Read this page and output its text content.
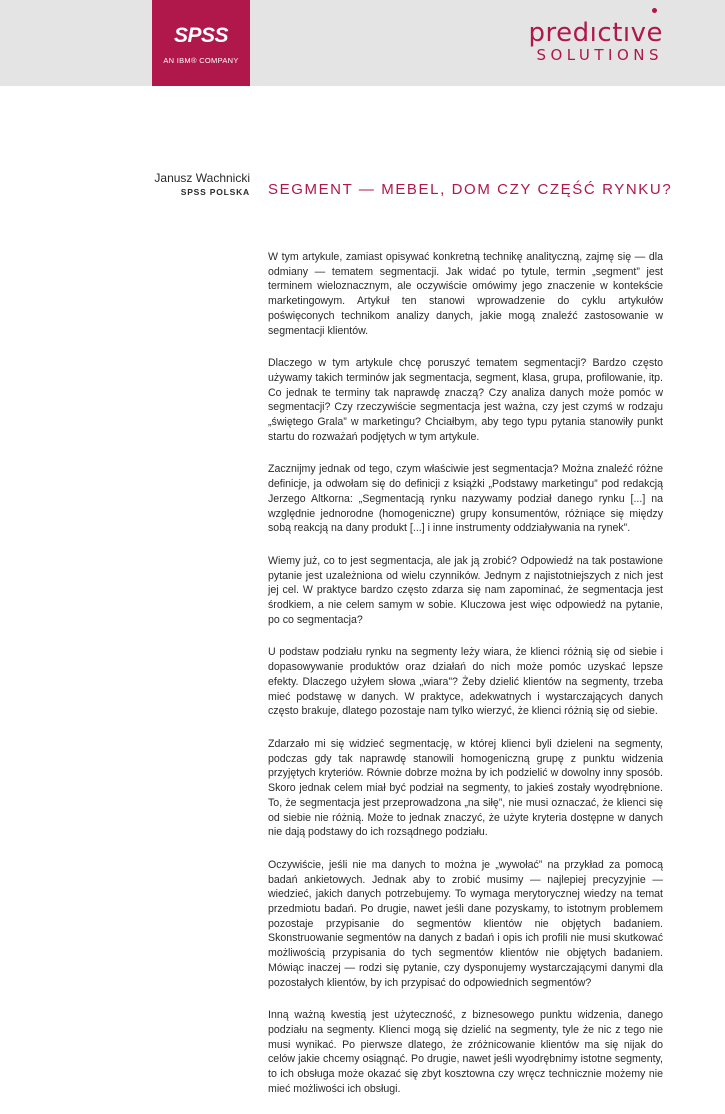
SPSS
AN IBM® COMPANY
predıctıve
SOLUTIONS
Janusz Wachnicki
SPSS POLSKA SEGMENT — MEBEL, DOM CZY CZĘŚĆ RYNKU?

W tym artykule, zamiast opisywać konkretną technikę analityczną, zajmę się — dla odmiany — tematem segmentacji. Jak widać po tytule, termin „segment” jest terminem wieloznacznym, ale oczywiście omówimy jego znaczenie w kontekście marketingowym. Artykuł ten stanowi wprowadzenie do cyklu artykułów poświęconych technikom analizy danych, jakie mogą znaleźć zastosowanie w segmentacji klientów.

Dlaczego w tym artykule chcę poruszyć tematem segmentacji? Bardzo często używamy takich terminów jak segmentacja, segment, klasa, grupa, profilowanie, itp. Co jednak te terminy tak naprawdę znaczą? Czy analiza danych może pomóc w segmentacji? Czy rzeczywiście segmentacja jest ważna, czy jest czymś w rodzaju „świętego Grala” w marketingu? Chciałbym, aby tego typu pytania stanowiły punkt startu do rozważań podjętych w tym artykule.

Zacznijmy jednak od tego, czym właściwie jest segmentacja? Można znaleźć różne definicje, ja odwołam się do definicji z książki „Podstawy marketingu” pod redakcją Jerzego Altkorna: „Segmentacją rynku nazywamy podział danego rynku [...] na względnie jednorodne (homogeniczne) grupy konsumentów, różniące się między sobą reakcją na dany produkt [...] i inne instrumenty oddziaływania na rynek”.

Wiemy już, co to jest segmentacja, ale jak ją zrobić? Odpowiedź na tak postawione pytanie jest uzależniona od wielu czynników. Jednym z najistotniejszych z nich jest jej cel. W praktyce bardzo często zdarza się nam zapominać, że segmentacja jest środkiem, a nie celem samym w sobie. Kluczowa jest więc odpowiedź na pytanie, po co segmentacja?

U podstaw podziału rynku na segmenty leży wiara, że klienci różnią się od siebie i dopasowywanie produktów oraz działań do nich może pomóc uzyskać lepsze efekty. Dlaczego użyłem słowa „wiara”? Żeby dzielić klientów na segmenty, trzeba mieć podstawę w danych. W praktyce, adekwatnych i wystarczających danych często brakuje, dlatego pozostaje nam tylko wierzyć, że klienci różnią się od siebie.

Zdarzało mi się widzieć segmentację, w której klienci byli dzieleni na segmenty, podczas gdy tak naprawdę stanowili homogeniczną grupę z punktu widzenia przyjętych kryteriów. Równie dobrze można by ich podzielić w dowolny inny sposób. Skoro jednak celem miał być podział na segmenty, to jakieś zostały wyodrębnione. To, że segmentacja jest przeprowadzona „na siłę”, nie musi oznaczać, że klienci się od siebie nie różnią. Może to jednak znaczyć, że użyte kryteria dostępne w danych nie dają podstawy do ich rozsądnego podziału.

Oczywiście, jeśli nie ma danych to można je „wywołać” na przykład za pomocą badań ankietowych. Jednak aby to zrobić musimy — najlepiej precyzyjnie — wiedzieć, jakich danych potrzebujemy. To wymaga merytorycznej wiedzy na temat przedmiotu badań. Po drugie, nawet jeśli dane pozyskamy, to istotnym problemem pozostaje przypisanie do segmentów klientów nie objętych badaniem. Skonstruowanie segmentów na danych z badań i opis ich profili nie musi skutkować możliwością przypisania do tych segmentów klientów nie objętych badaniem. Mówiąc inaczej — rodzi się pytanie, czy dysponujemy wystarczającymi danymi dla pozostałych klientów, by ich przypisać do odpowiednich segmentów?

Inną ważną kwestią jest użyteczność, z biznesowego punktu widzenia, danego podziału na segmenty. Klienci mogą się dzielić na segmenty, tyle że nic z tego nie musi wynikać. Po pierwsze dlatego, że zróżnicowanie klientów ma się nijak do celów jakie chcemy osiągnąć. Po drugie, nawet jeśli wyodrębnimy istotne segmenty, to ich obsługa może okazać się zbyt kosztowna czy wręcz technicznie możemy nie mieć możliwości ich obsługi.
